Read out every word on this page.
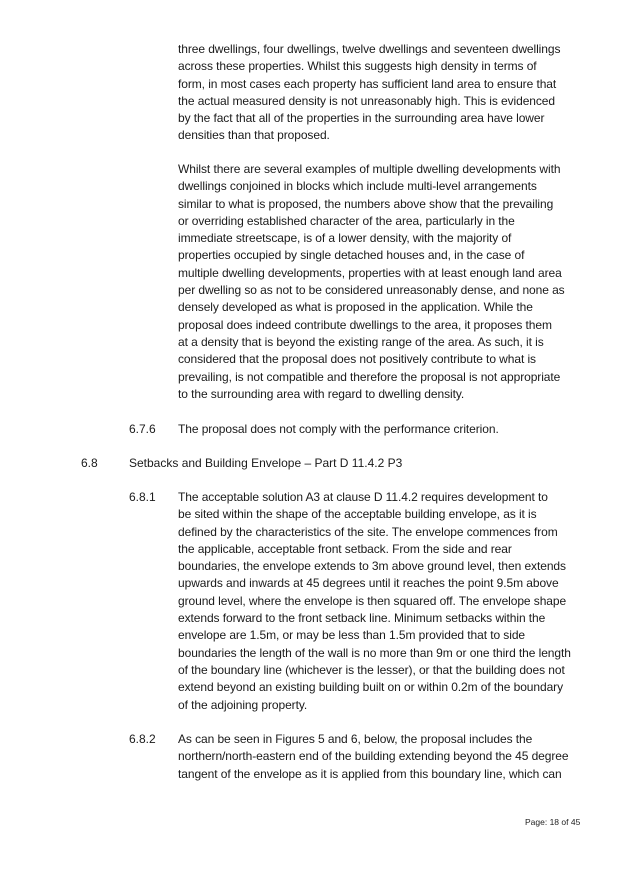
three dwellings, four dwellings, twelve dwellings and seventeen dwellings
across these properties. Whilst this suggests high density in terms of
form, in most cases each property has sufficient land area to ensure that
the actual measured density is not unreasonably high. This is evidenced
by the fact that all of the properties in the surrounding area have lower
densities than that proposed.

Whilst there are several examples of multiple dwelling developments with
dwellings conjoined in blocks which include multi-level arrangements
similar to what is proposed, the numbers above show that the prevailing
or overriding established character of the area, particularly in the
immediate streetscape, is of a lower density, with the majority of
properties occupied by single detached houses and, in the case of
multiple dwelling developments, properties with at least enough land area
per dwelling so as not to be considered unreasonably dense, and none as
densely developed as what is proposed in the application. While the
proposal does indeed contribute dwellings to the area, it proposes them
at a density that is beyond the existing range of the area. As such, it is
considered that the proposal does not positively contribute to what is
prevailing, is not compatible and therefore the proposal is not appropriate
to the surrounding area with regard to dwelling density.

6.7.6 The proposal does not comply with the performance criterion.

6.8	Setbacks and Building Envelope – Part D 11.4.2 P3
6.8.1 The acceptable solution A3 at clause D 11.4.2 requires development to
be sited within the shape of the acceptable building envelope, as it is
defined by the characteristics of the site. The envelope commences from
the applicable, acceptable front setback. From the side and rear
boundaries, the envelope extends to 3m above ground level, then extends
upwards and inwards at 45 degrees until it reaches the point 9.5m above
ground level, where the envelope is then squared off. The envelope shape
extends forward to the front setback line. Minimum setbacks within the
envelope are 1.5m, or may be less than 1.5m provided that to side
boundaries the length of the wall is no more than 9m or one third the length
of the boundary line (whichever is the lesser), or that the building does not
extend beyond an existing building built on or within 0.2m of the boundary
of the adjoining property.

6.8.2 As can be seen in Figures 5 and 6, below, the proposal includes the
northern/north-eastern end of the building extending beyond the 45 degree
tangent of the envelope as it is applied from this boundary line, which can

Page: 18 of 45
